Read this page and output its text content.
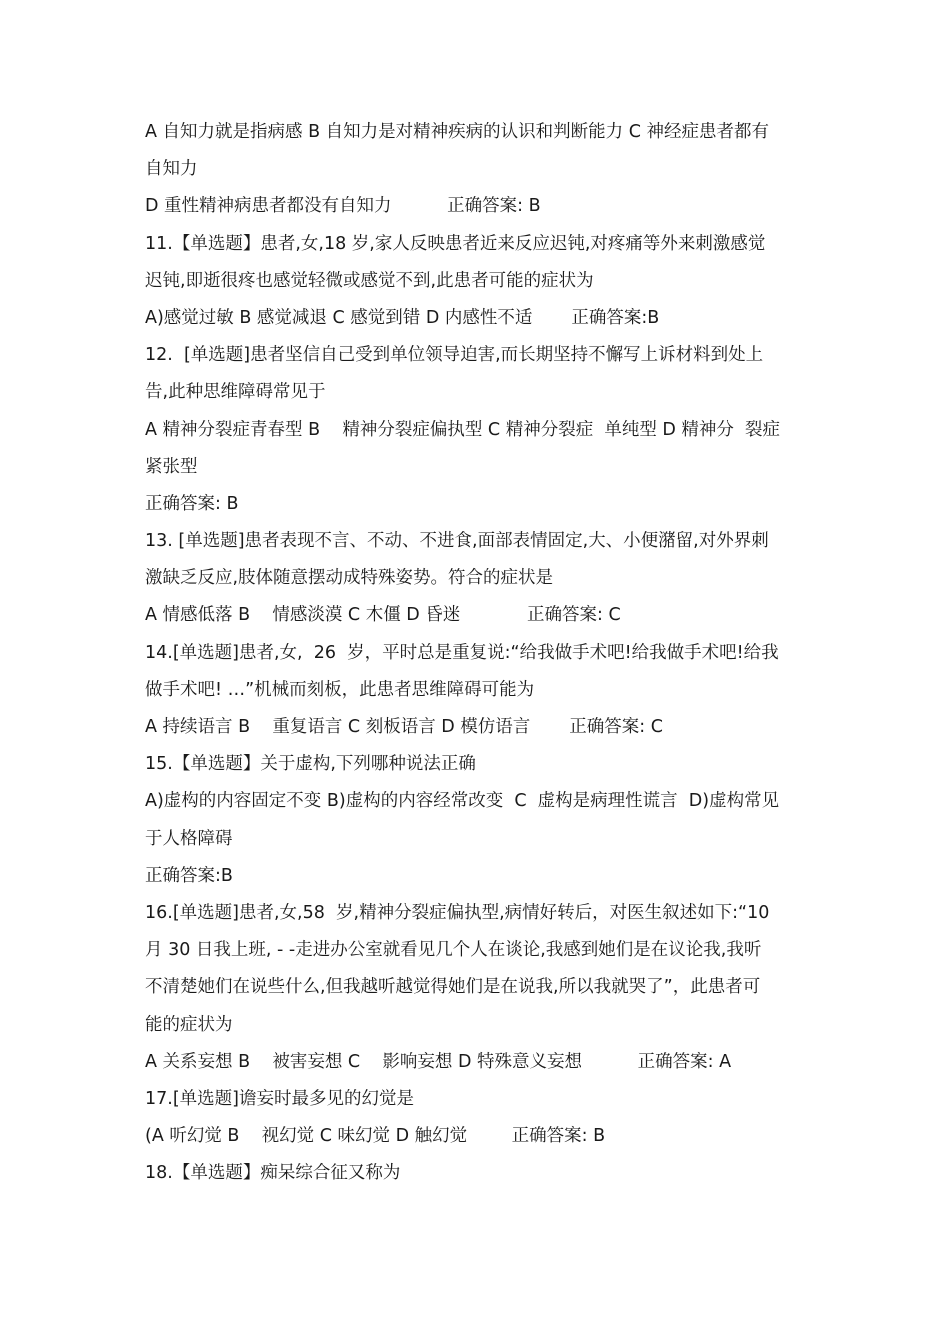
A 自知力就是指病感 B 自知力是对精神疾病的认识和判断能力 C 神经症患者都有
自知力
D 重性精神病患者都没有自知力          正确答案: B
11.【单选题】患者,女,18 岁,家人反映患者近来反应迟钝,对疼痛等外来刺激感觉
迟钝,即逝很疼也感觉轻微或感觉不到,此患者可能的症状为
A)感觉过敏 B 感觉减退 C 感觉到错 D 内感性不适       正确答案:B
12.  [单选题]患者坚信自己受到单位领导迫害,而长期坚持不懈写上诉材料到处上
告,此种思维障碍常见于
A 精神分裂症青春型 B    精神分裂症偏执型 C 精神分裂症  单纯型 D 精神分  裂症
紧张型
正确答案: B
13. [单选题]患者表现不言、不动、不进食,面部表情固定,大、小便潴留,对外界刺
激缺乏反应,肢体随意摆动成特殊姿势。符合的症状是
A 情感低落 B    情感淡漠 C 木僵 D 昏迷            正确答案: C
14.[单选题]患者,女,  26  岁，平时总是重复说:“给我做手术吧!给我做手术吧!给我
做手术吧! …”机械而刻板，此患者思维障碍可能为
A 持续语言 B    重复语言 C 刻板语言 D 模仿语言       正确答案: C
15.【单选题】关于虚构,下列哪种说法正确
A)虚构的内容固定不变 B)虚构的内容经常改变  C  虚构是病理性谎言  D)虚构常见
于人格障碍
正确答案:B
16.[单选题]患者,女,58  岁,精神分裂症偏执型,病情好转后，对医生叙述如下:“10
月 30 日我上班, - -走进办公室就看见几个人在谈论,我感到她们是在议论我,我听
不清楚她们在说些什么,但我越听越觉得她们是在说我,所以我就哭了”，此患者可
能的症状为
A 关系妄想 B    被害妄想 C    影响妄想 D 特殊意义妄想          正确答案: A
17.[单选题]谵妄时最多见的幻觉是
(A 听幻觉 B    视幻觉 C 味幻觉 D 触幻觉        正确答案: B
18.【单选题】痴呆综合征又称为
